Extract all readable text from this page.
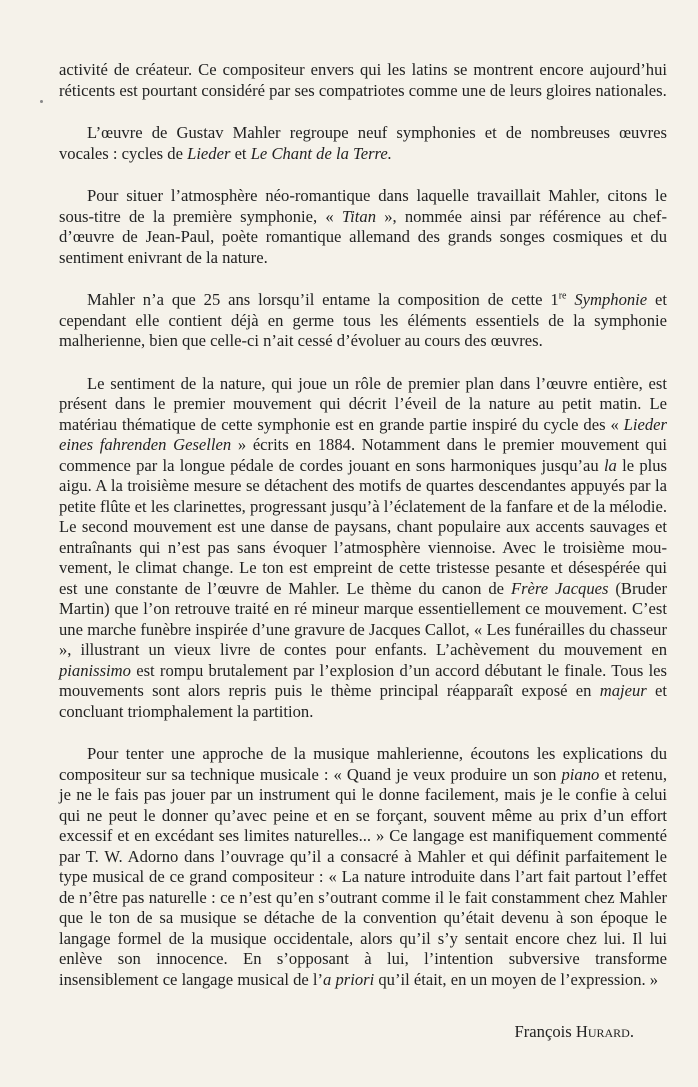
activité de créateur. Ce compositeur envers qui les latins se montrent encore aujourd’hui réticents est pourtant considéré par ses compatriotes comme une de leurs gloires nationales.

L’œuvre de Gustav Mahler regroupe neuf symphonies et de nombreuses œuvres vocales : cycles de Lieder et Le Chant de la Terre.

Pour situer l’atmosphère néo-romantique dans laquelle travaillait Mahler, citons le sous-titre de la première symphonie, « Titan », nommée ainsi par référence au chef-d’œuvre de Jean-Paul, poète romantique allemand des grands songes cosmiques et du sentiment enivrant de la nature.

Mahler n’a que 25 ans lorsqu’il entame la composition de cette 1re Symphonie et cependant elle contient déjà en germe tous les éléments essentiels de la symphonie malherienne, bien que celle-ci n’ait cessé d’évoluer au cours des œuvres.

Le sentiment de la nature, qui joue un rôle de premier plan dans l’œuvre entière, est présent dans le premier mouvement qui décrit l’éveil de la nature au petit matin. Le matériau thématique de cette symphonie est en grande partie inspiré du cycle des « Lieder eines fahrenden Gesellen » écrits en 1884. Notamment dans le premier mouvement qui commence par la longue pédale de cordes jouant en sons harmoniques jusqu’au la le plus aigu. A la troisième mesure se détachent des motifs de quartes descendantes appuyés par la petite flûte et les clarinettes, progressant jusqu’à l’éclatement de la fanfare et de la mélodie. Le second mouvement est une danse de paysans, chant populaire aux accents sauvages et entraînants qui n’est pas sans évoquer l’atmosphère viennoise. Avec le troisième mouvement, le climat change. Le ton est empreint de cette tristesse pesante et désespérée qui est une constante de l’œuvre de Mahler. Le thème du canon de Frère Jacques (Bruder Martin) que l’on retrouve traité en ré mineur marque essentiellement ce mouvement. C’est une marche funèbre inspirée d’une gravure de Jacques Callot, « Les funérailles du chasseur », illustrant un vieux livre de contes pour enfants. L’achèvement du mouvement en pianissimo est rompu brutalement par l’explosion d’un accord débutant le finale. Tous les mouvements sont alors repris puis le thème principal réapparaît exposé en majeur et concluant triomphalement la partition.

Pour tenter une approche de la musique mahlerienne, écoutons les explications du compositeur sur sa technique musicale : « Quand je veux produire un son piano et retenu, je ne le fais pas jouer par un instrument qui le donne facilement, mais je le confie à celui qui ne peut le donner qu’avec peine et en se forçant, souvent même au prix d’un effort excessif et en excédant ses limites naturelles... » Ce langage est manifiquement commenté par T. W. Adorno dans l’ouvrage qu’il a consacré à Mahler et qui définit parfaitement le type musical de ce grand compositeur : « La nature introduite dans l’art fait partout l’effet de n’être pas naturelle : ce n’est qu’en s’outrant comme il le fait constamment chez Mahler que le ton de sa musique se détache de la convention qu’était devenu à son époque le langage formel de la musique occidentale, alors qu’il s’y sentait encore chez lui. Il lui enlève son innocence. En s’opposant à lui, l’intention subversive transforme insensiblement ce langage musical de l’a priori qu’il était, en un moyen de l’expression. »

François Hurard.
